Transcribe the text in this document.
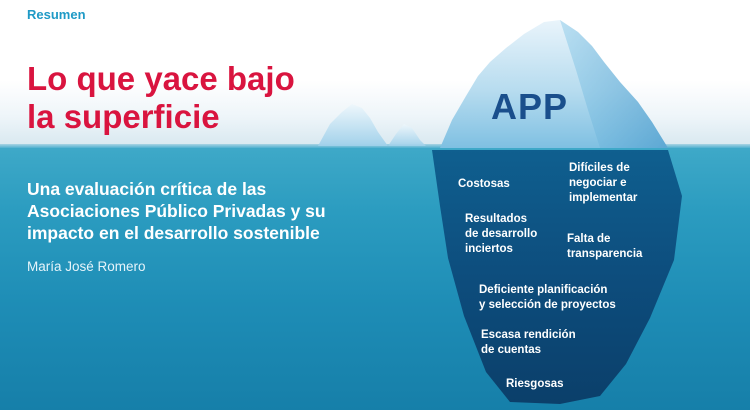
Resumen

Lo que yace bajo
la superficie
Una evaluación crítica de las
Asociaciones Público Privadas y su
impacto en el desarrollo sostenible

María José Romero

APP

Costosas

Difíciles de
negociar e
implementar

Resultados
de desarrollo
inciertos

Falta de
transparencia

Deficiente planificación
y selección de proyectos

Escasa rendición
de cuentas

Riesgosas
